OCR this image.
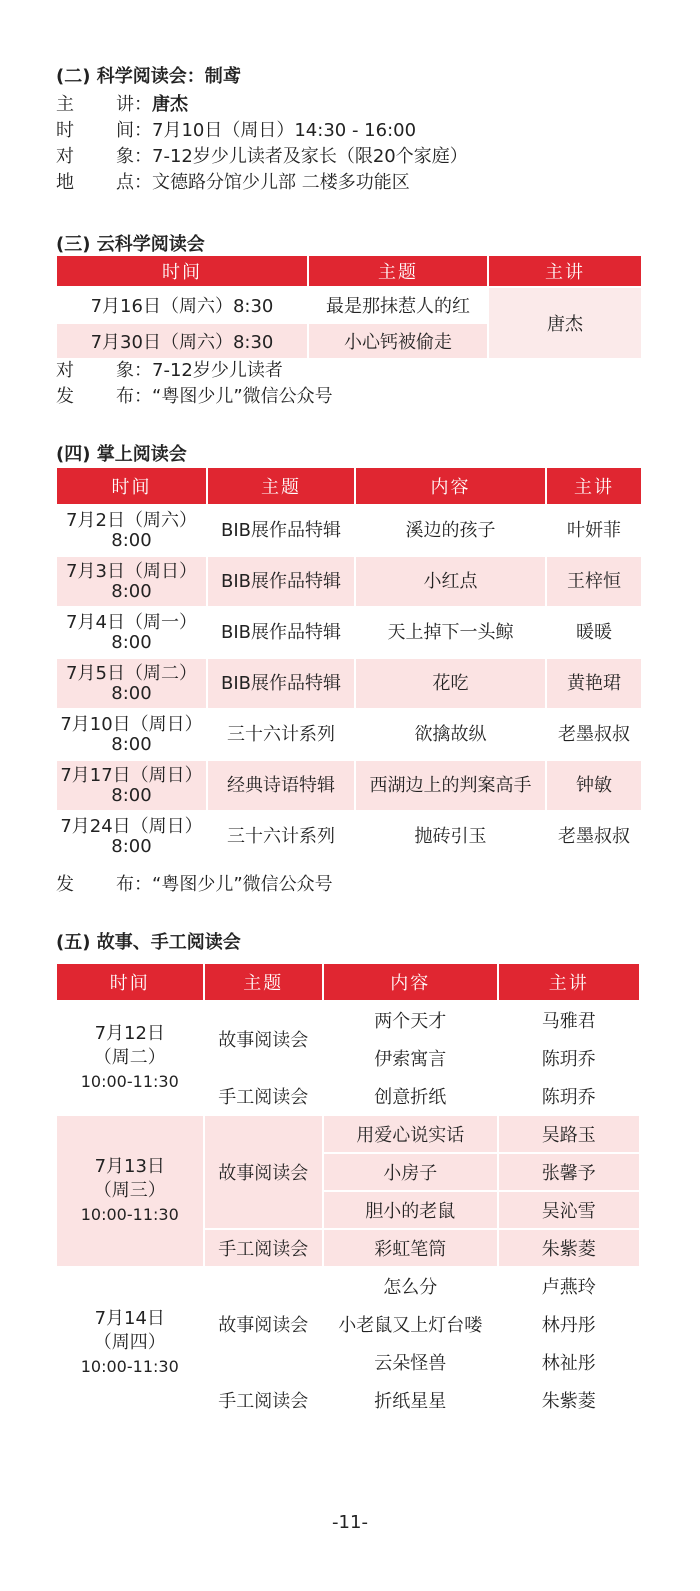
(二) 科学阅读会：制鸢
主 讲： 唐杰
时 间： 7月10日（周日）14:30 - 16:00
对 象： 7-12岁少儿读者及家长（限20个家庭）
地 点： 文德路分馆少儿部 二楼多功能区
(三) 云科学阅读会
时间	主题	主讲
7月16日（周六）8:30	最是那抹惹人的红	唐杰
7月30日（周六）8:30	小心钙被偷走	
对 象： 7-12岁少儿读者
发 布： “粤图少儿”微信公众号
(四) 掌上阅读会
时间	主题	内容	主讲

7月2日（周六）
8:00	BIB展作品特辑	溪边的孩子	叶妍菲

7月3日（周日）
8:00	BIB展作品特辑	小红点	王梓恒

7月4日（周一）
8:00	BIB展作品特辑	天上掉下一头鲸	暖暖

7月5日（周二）
8:00	BIB展作品特辑	花吃	黄艳珺

7月10日（周日）
8:00	三十六计系列	欲擒故纵	老墨叔叔

7月17日（周日）
8:00	经典诗语特辑	西湖边上的判案高手	钟敏

7月24日（周日）
8:00	三十六计系列	抛砖引玉	老墨叔叔
发 布： “粤图少儿”微信公众号
(五) 故事、手工阅读会
时间	主题	内容	主讲

7月12日
（周二）
10:00-11:30	故事阅读会	两个天才	马雅君
		伊索寓言	陈玥乔
	手工阅读会	创意折纸	陈玥乔

7月13日
（周三）
10:00-11:30	故事阅读会	用爱心说实话	吴路玉
		小房子	张馨予
		胆小的老鼠	吴沁雪
	手工阅读会	彩虹笔筒	朱紫菱

7月14日
（周四）
10:00-11:30	故事阅读会	怎么分	卢燕玲
		小老鼠又上灯台喽	林丹彤
		云朵怪兽	林祉彤
	手工阅读会	折纸星星	朱紫菱
-11-
